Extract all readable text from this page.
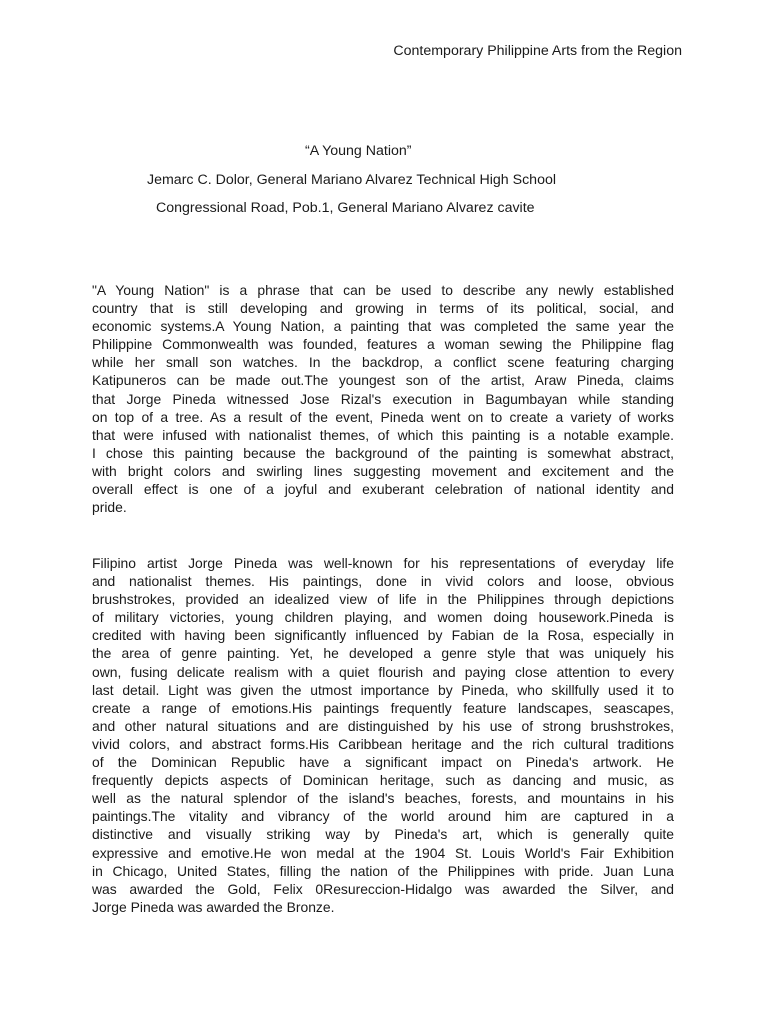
Contemporary Philippine Arts from the Region
“A Young Nation”
Jemarc C. Dolor, General Mariano Alvarez Technical High School
Congressional Road, Pob.1, General Mariano Alvarez cavite
"A Young Nation" is a phrase that can be used to describe any newly established
country that is still developing and growing in terms of its political, social, and
economic systems.A Young Nation, a painting that was completed the same year the
Philippine Commonwealth was founded, features a woman sewing the Philippine flag
while her small son watches. In the backdrop, a conflict scene featuring charging
Katipuneros can be made out.The youngest son of the artist, Araw Pineda, claims
that Jorge Pineda witnessed Jose Rizal's execution in Bagumbayan while standing
on top of a tree. As a result of the event, Pineda went on to create a variety of works
that were infused with nationalist themes, of which this painting is a notable example.
I chose this painting because the background of the painting is somewhat abstract,
with bright colors and swirling lines suggesting movement and excitement and the
overall effect is one of a joyful and exuberant celebration of national identity and
pride.
Filipino artist Jorge Pineda was well-known for his representations of everyday life
and nationalist themes. His paintings, done in vivid colors and loose, obvious
brushstrokes, provided an idealized view of life in the Philippines through depictions
of military victories, young children playing, and women doing housework.Pineda is
credited with having been significantly influenced by Fabian de la Rosa, especially in
the area of genre painting. Yet, he developed a genre style that was uniquely his
own, fusing delicate realism with a quiet flourish and paying close attention to every
last detail. Light was given the utmost importance by Pineda, who skillfully used it to
create a range of emotions.His paintings frequently feature landscapes, seascapes,
and other natural situations and are distinguished by his use of strong brushstrokes,
vivid colors, and abstract forms.His Caribbean heritage and the rich cultural traditions
of the Dominican Republic have a significant impact on Pineda's artwork. He
frequently depicts aspects of Dominican heritage, such as dancing and music, as
well as the natural splendor of the island's beaches, forests, and mountains in his
paintings.The vitality and vibrancy of the world around him are captured in a
distinctive and visually striking way by Pineda's art, which is generally quite
expressive and emotive.He won medal at the 1904 St. Louis World's Fair Exhibition
in Chicago, United States, filling the nation of the Philippines with pride. Juan Luna
was awarded the Gold, Felix 0Resureccion-Hidalgo was awarded the Silver, and
Jorge Pineda was awarded the Bronze.
